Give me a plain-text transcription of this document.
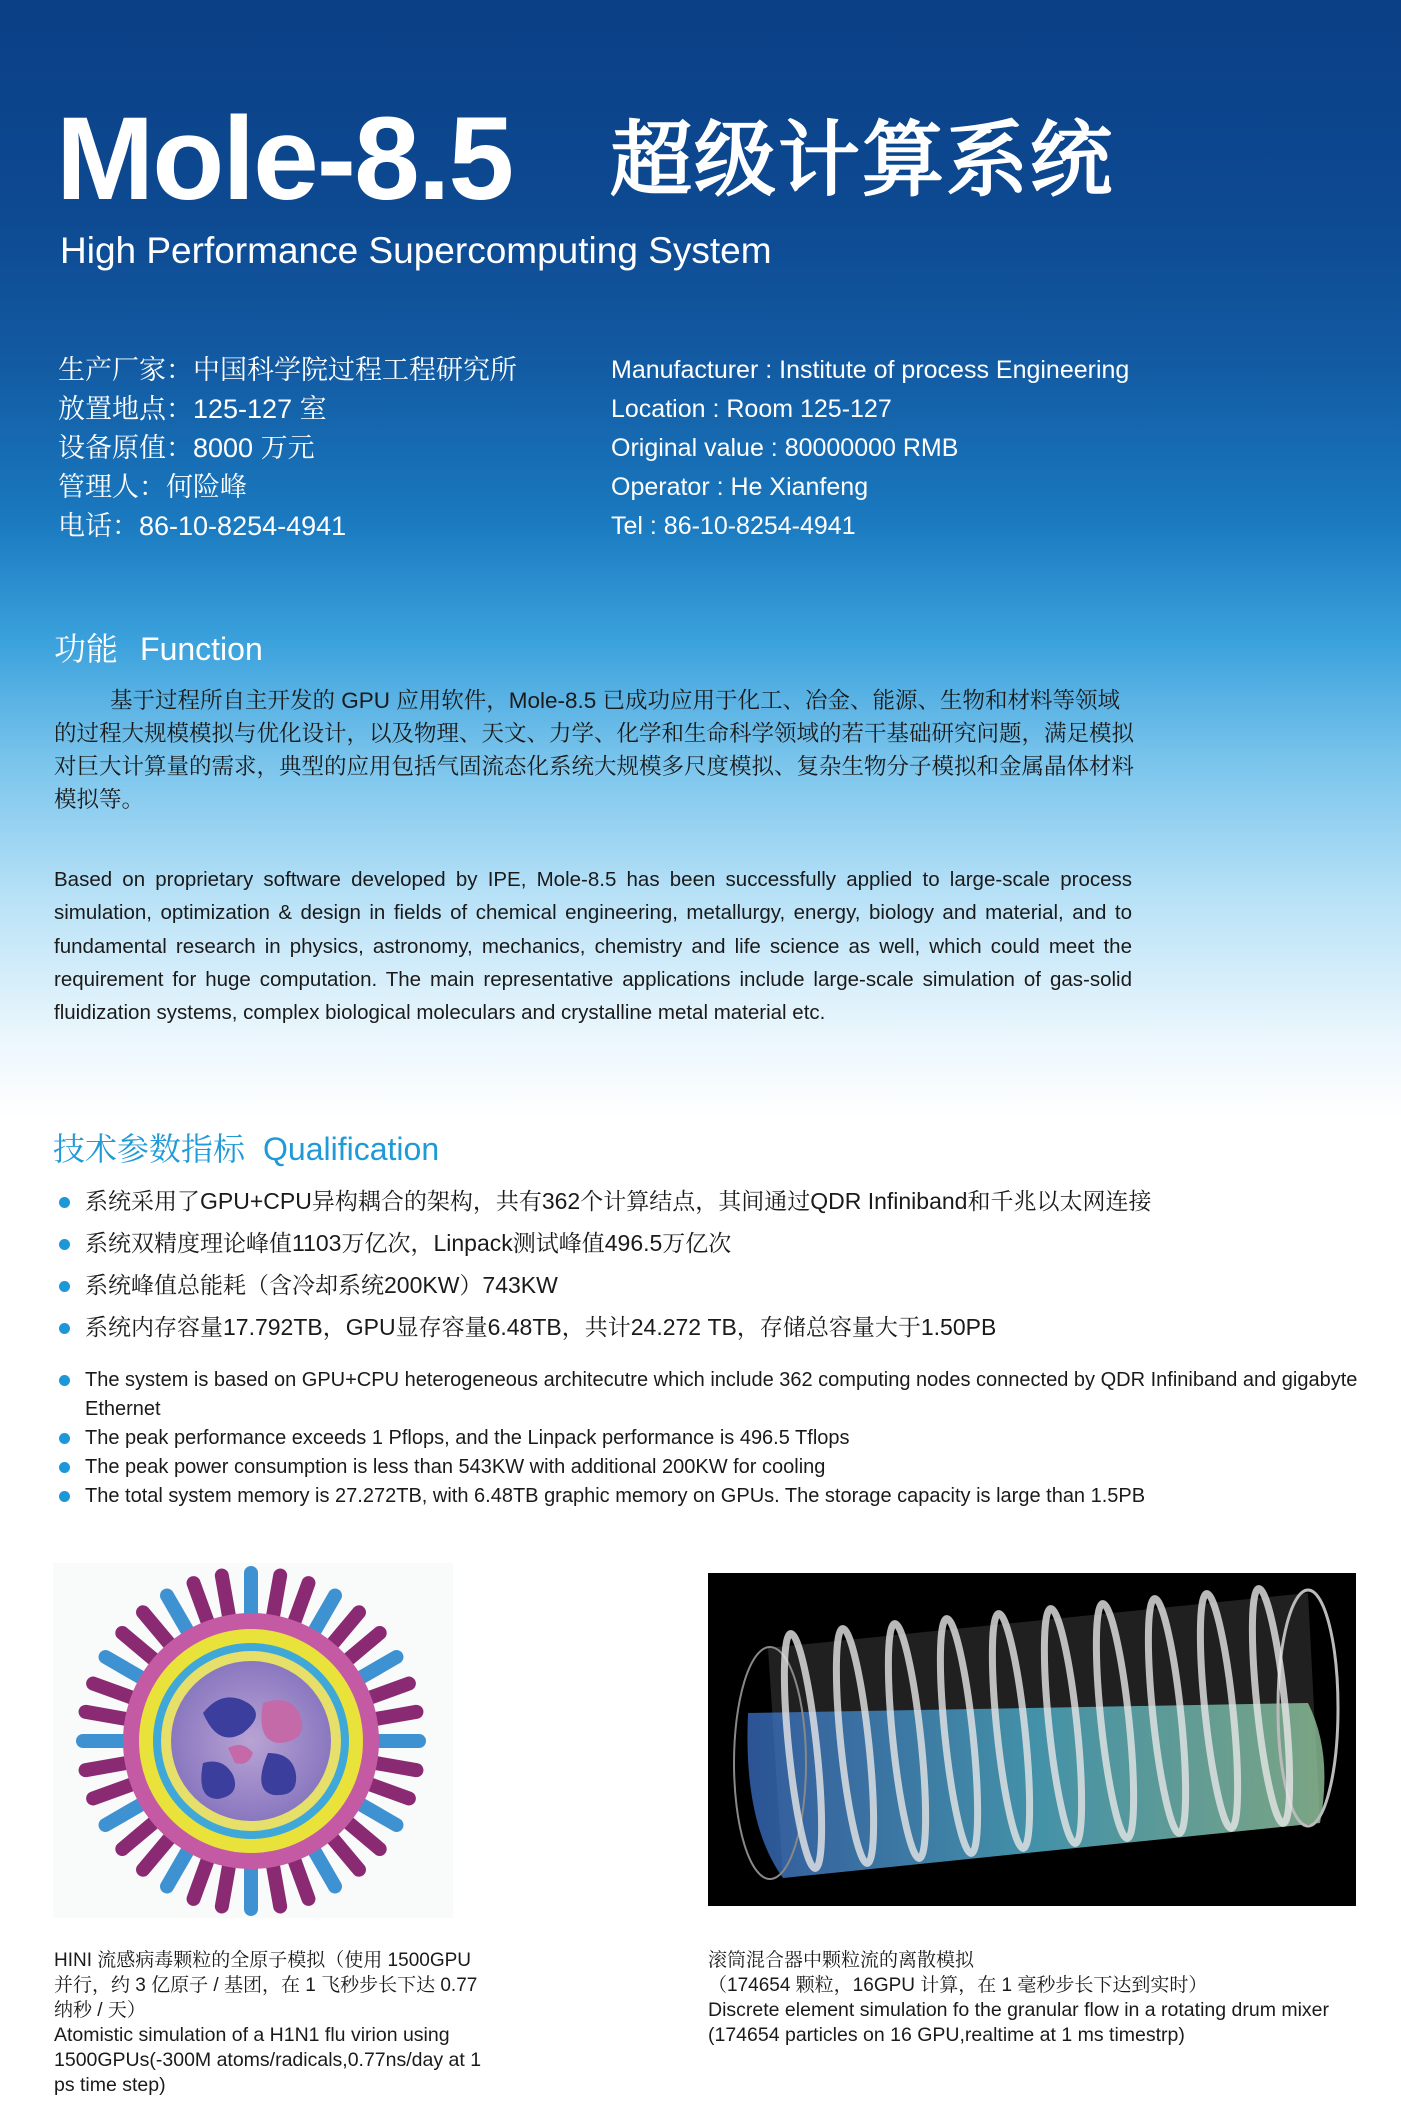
Mole-8.5 超级计算系统
High Performance Supercomputing System
生产厂家：中国科学院过程工程研究所
放置地点：125-127 室
设备原值：8000 万元
管理人：何险峰
电话：86-10-8254-4941
Manufacturer : Institute of process Engineering
Location : Room 125-127
Original value : 80000000 RMB
Operator : He Xianfeng
Tel : 86-10-8254-4941
功能 Function
基于过程所自主开发的 GPU 应用软件，Mole-8.5 已成功应用于化工、冶金、能源、生物和材料等领域的过程大规模模拟与优化设计，以及物理、天文、力学、化学和生命科学领域的若干基础研究问题，满足模拟对巨大计算量的需求，典型的应用包括气固流态化系统大规模多尺度模拟、复杂生物分子模拟和金属晶体材料模拟等。
Based on proprietary software developed by IPE, Mole-8.5 has been successfully applied to large-scale process simulation, optimization & design in fields of chemical engineering, metallurgy, energy, biology and material, and to fundamental research in physics, astronomy, mechanics, chemistry and life science as well, which could meet the requirement for huge computation. The main representative applications include large-scale simulation of gas-solid fluidization systems, complex biological moleculars and crystalline metal material etc.
技术参数指标 Qualification
系统采用了GPU+CPU异构耦合的架构，共有362个计算结点，其间通过QDR Infiniband和千兆以太网连接
系统双精度理论峰值1103万亿次，Linpack测试峰值496.5万亿次
系统峰值总能耗（含冷却系统200KW）743KW
系统内存容量17.792TB，GPU显存容量6.48TB，共计24.272 TB，存储总容量大于1.50PB
The system is based on GPU+CPU heterogeneous architecutre which include 362 computing nodes connected by QDR Infiniband and gigabyte Ethernet
The peak performance exceeds 1 Pflops, and the Linpack performance is 496.5 Tflops
The peak power consumption is less than 543KW with additional 200KW for cooling
The total system memory is 27.272TB, with 6.48TB graphic memory on GPUs. The storage capacity is large than 1.5PB
HINI 流感病毒颗粒的全原子模拟（使用 1500GPU 并行，约 3 亿原子 / 基团，在 1 飞秒步长下达 0.77 纳秒 / 天）
Atomistic simulation of a H1N1 flu virion using 1500GPUs(-300M atoms/radicals,0.77ns/day at 1 ps time step)
滚筒混合器中颗粒流的离散模拟
（174654 颗粒，16GPU 计算，在 1 毫秒步长下达到实时）
Discrete element simulation fo the granular flow in a rotating drum mixer
(174654 particles on 16 GPU,realtime at 1 ms timestrp)
